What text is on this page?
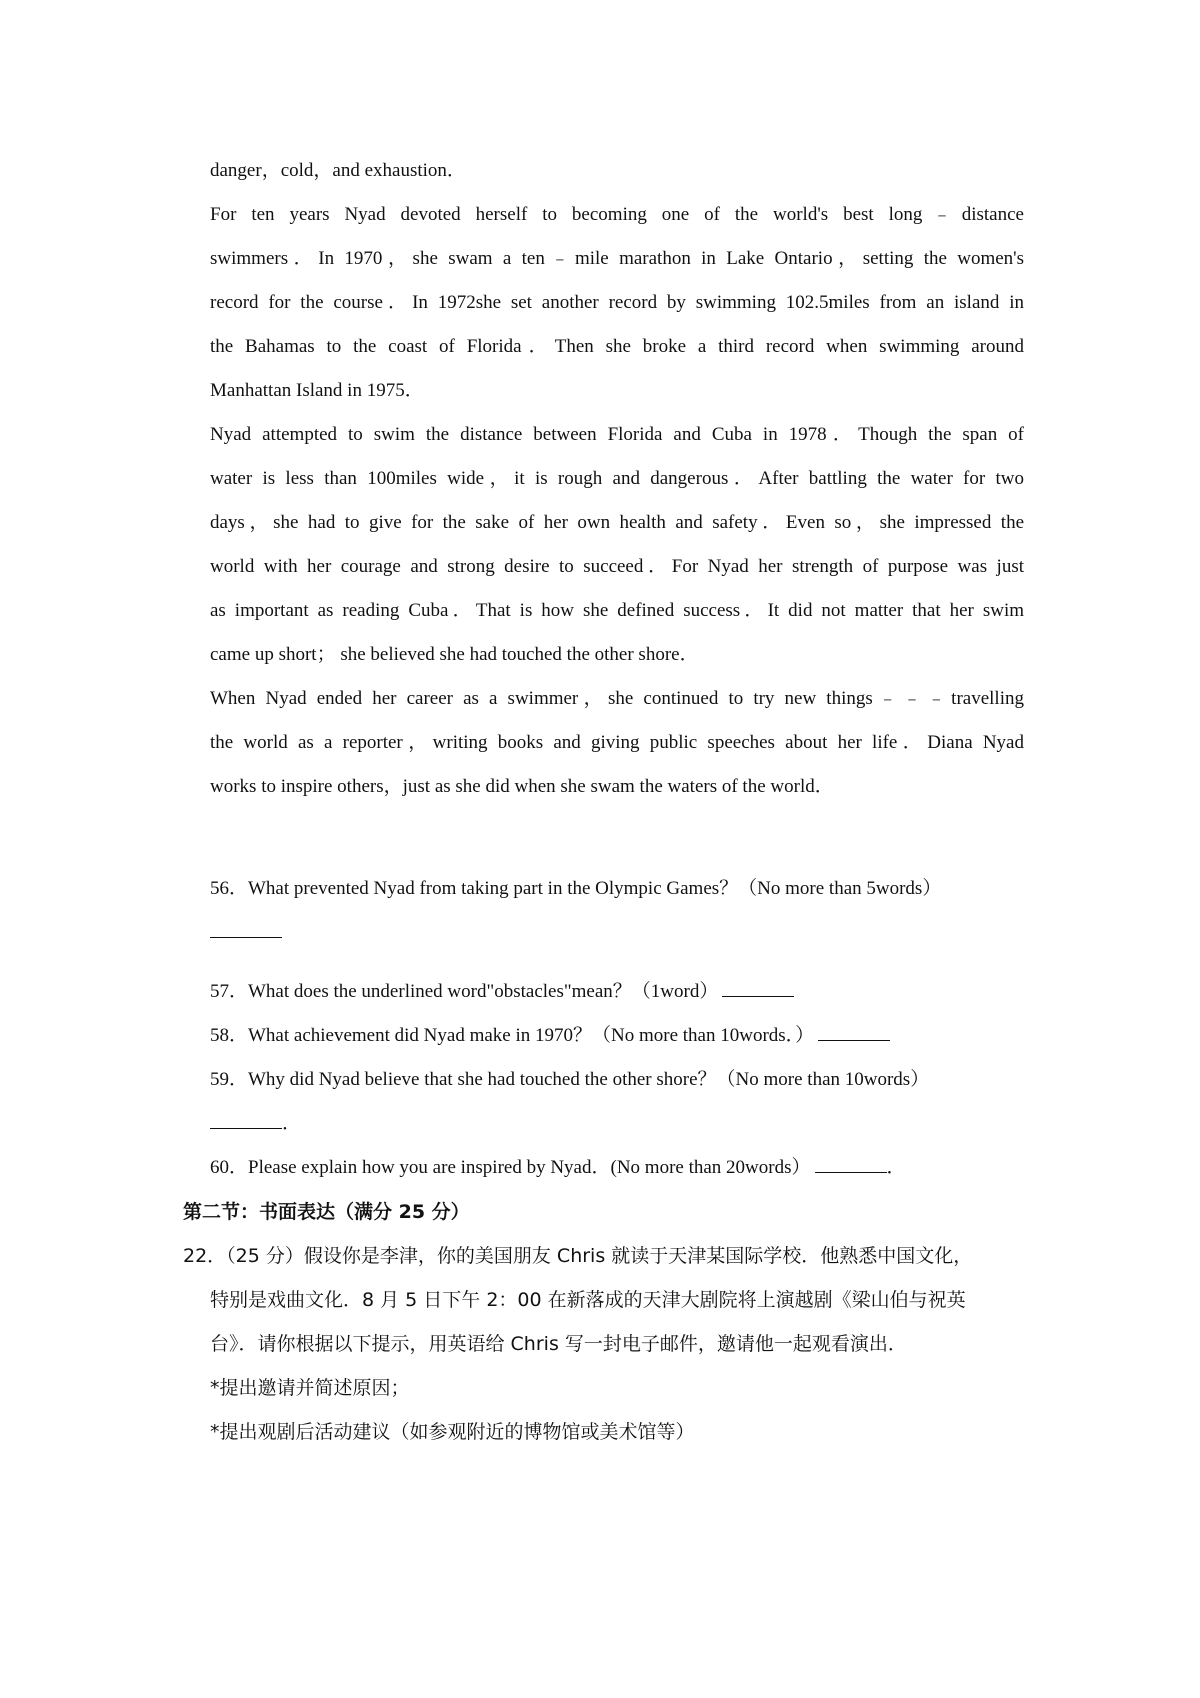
danger，cold，and exhaustion．

For ten years Nyad devoted herself to becoming one of the world's best long﹣distance

swimmers．In 1970，she swam a ten﹣mile marathon in Lake Ontario，setting the women's

record for the course．In 1972she set another record by swimming 102.5miles from an island in

the Bahamas to the coast of Florida．Then she broke a third record when swimming around

Manhattan Island in 1975．

Nyad attempted to swim the distance between Florida and Cuba in 1978．Though the span of

water is less than 100miles wide，it is rough and dangerous．After battling the water for two

days，she had to give for the sake of her own health and safety．Even so，she impressed the

world with her courage and strong desire to succeed．For Nyad her strength of purpose was just

as important as reading Cuba．That is how she defined success．It did not matter that her swim

came up short； she believed she had touched the other shore．

When Nyad ended her career as a swimmer，she continued to try new things﹣﹣﹣travelling

the world as a reporter，writing books and giving public speeches about her life．Diana Nyad

works to inspire others，just as she did when she swam the waters of the world．

56．What prevented Nyad from taking part in the Olympic Games？（No more than 5words）

57．What does the underlined word"obstacles"mean？（1word）

58．What achievement did Nyad make in 1970？（No more than 10words．）

59．Why did Nyad believe that she had touched the other shore？（No more than 10words）

．

60．Please explain how you are inspired by Nyad．(No more than 20words）	．

第二节：书面表达（满分 25 分）

22．（25 分）假设你是李津，你的美国朋友 Chris 就读于天津某国际学校．他熟悉中国文化，

特别是戏曲文化．8 月 5 日下午 2：00 在新落成的天津大剧院将上演越剧《梁山伯与祝英

台》．请你根据以下提示，用英语给 Chris 写一封电子邮件，邀请他一起观看演出．

*提出邀请并简述原因；

*提出观剧后活动建议（如参观附近的博物馆或美术馆等）
